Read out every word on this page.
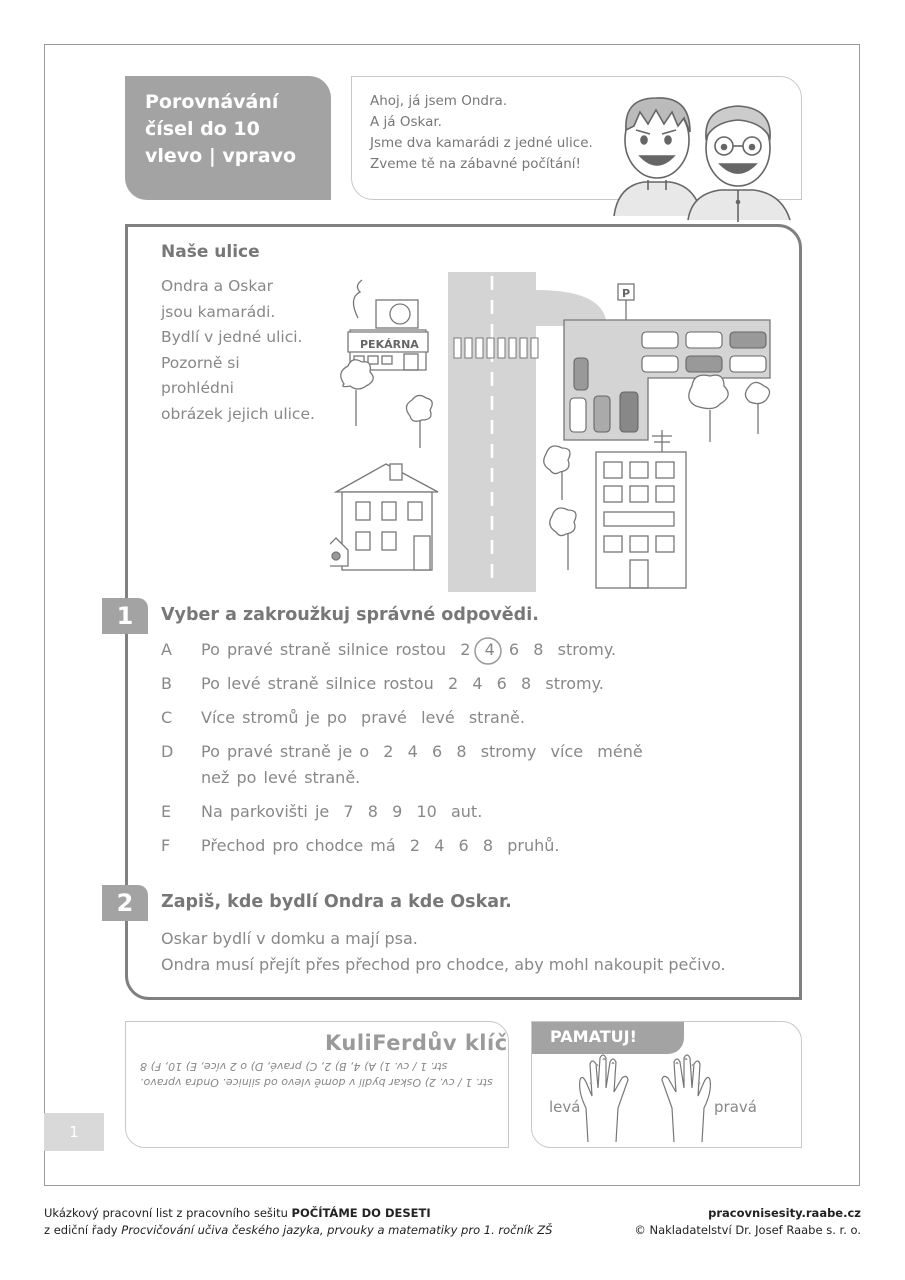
Porovnávání
čísel do 10
vlevo | vpravo
Ahoj, já jsem Ondra.
A já Oskar.
Jsme dva kamarádi z jedné ulice.
Zveme tě na zábavné počítání!
Naše ulice
Ondra a Oskar
jsou kamarádi.
Bydlí v jedné ulici.
Pozorně si
prohlédni
obrázek jejich ulice.
PEKÁRNA
P
1	Vyber a zakroužkuj správné odpovědi.
A Po pravé straně silnice rostou  2  4  6  8  stromy.
B Po levé straně silnice rostou  2  4  6  8  stromy.
C Více stromů je po  pravé  levé  straně.
D Po pravé straně je o  2  4  6  8  stromy  více  méně
než po levé straně.
E Na parkovišti je  7  8  9  10  aut.
F Přechod pro chodce má  2  4  6  8  pruhů.
2	Zapiš, kde bydlí Ondra a kde Oskar.
Oskar bydlí v domku a mají psa.
Ondra musí přejít přes přechod pro chodce, aby mohl nakoupit pečivo.
KuliFerdův klíč
str. 1 / cv. 2) Oskar bydlí v domě vlevo od silnice. Ondra vpravo.
str. 1 / cv. 1) A) 4, B) 2, C) pravé, D) o 2 více, E) 10, F) 8
PAMATUJ!
levá	pravá
1
Ukázkový pracovní list z pracovního sešitu POČÍTÁME DO DESETI
z ediční řady Procvičování učiva českého jazyka, prvouky a matematiky pro 1. ročník ZŠ
pracovnisesity.raabe.cz
© Nakladatelství Dr. Josef Raabe s. r. o.
